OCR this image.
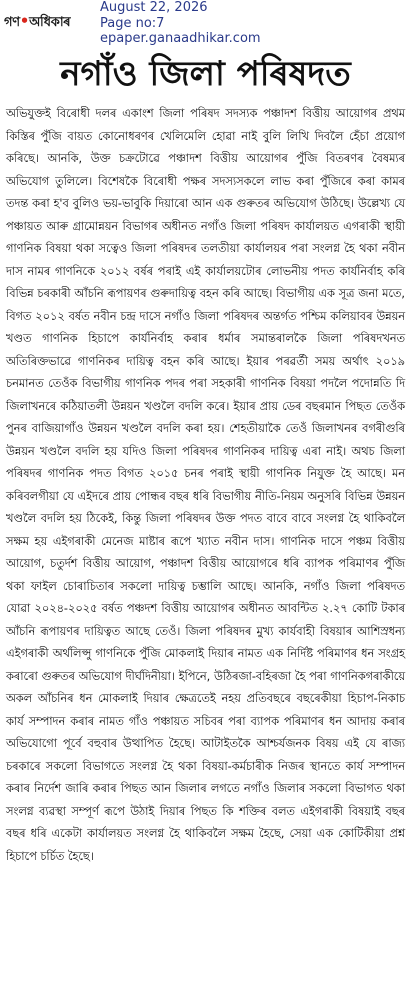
গণ•অধিকাৰ
August 22, 2026
Page no:7
epaper.ganaadhikar.com
নগাঁও জিলা পৰিষদত

অভিযুক্তই বিৰোধী দলৰ একাংশ জিলা পৰিষদ সদস্যক পঞ্চাদশ বিত্তীয় আয়োগৰ প্ৰথম কিস্তিৰ পুঁজি বায়ত কোনোধৰণৰ খেলিমেলি হোৱা নাই বুলি লিখি দিবলৈ হেঁচা প্ৰয়োগ কৰিছে। আনকি, উক্ত চক্ৰটোৱে পঞ্চাদশ বিত্তীয় আয়োগৰ পুঁজি বিতৰণৰ বৈষম্যৰ অভিযোগ তুলিলে। বিশেষকৈ বিৰোধী পক্ষৰ সদস্যসকলে লাভ কৰা পুঁজিৰে কৰা কামৰ তদন্ত কৰা হ'ব বুলিও ভয়-ভাবুকি দিয়াৰো আন এক গুৰুতৰ অভিযোগ উঠিছে। উল্লেখ্য যে পঞ্চায়ত আৰু গ্ৰামোন্নয়ন বিভাগৰ অধীনত নগাঁও জিলা পৰিষদ কাৰ্যালয়ত এগৰাকী স্থায়ী গাণনিক বিষয়া থকা সত্বেও জিলা পৰিষদৰ তলতীয়া কাৰ্যালয়ৰ পৰা সংলগ্ন হৈ থকা নবীন দাস নামৰ গাণনিকে ২০১২ বৰ্ষৰ পৰাই এই কাৰ্যালয়টোৰ লোভনীয় পদত কাৰ্যনিৰ্বাহ কৰি বিভিন্ন চৰকাৰী আঁচনি ৰূপায়ণৰ গুৰুদায়িত্ব বহন কৰি আছে। বিভাগীয় এক সূত্ৰ জনা মতে, বিগত ২০১২ বৰ্ষত নবীন চন্দ্ৰ দাসে নগাঁও জিলা পৰিষদৰ অন্তৰ্গত পশ্চিম কলিয়াবৰ উন্নয়ন খণ্ডত গাণনিক হিচাপে কাৰ্যনিৰ্বাহ কৰাৰ ধৰ্মাৰ সমান্তৰালকৈ জিলা পৰিষদখনত অতিৰিক্তভাৱে গাণনিকৰ দায়িত্ব বহন কৰি আছে। ইয়াৰ পৰৱৰ্তী সময় অৰ্থাৎ ২০১৯ চনমানত তেওঁক বিভাগীয় গাণনিক পদৰ পৰা সহকাৰী গাণনিক বিষয়া পদলৈ পদোন্নতি দি জিলাখনৰে কঠিয়াতলী উন্নয়ন খণ্ডলৈ বদলি কৰে। ইয়াৰ প্ৰায় ডেৰ বছৰমান পিছত তেওঁক পুনৰ বাজিয়াগাঁও উন্নয়ন খণ্ডলৈ বদলি কৰা হয়। শেহতীয়াকৈ তেওঁ জিলাখনৰ বগৰীগুৰি উন্নয়ন খণ্ডলৈ বদলি হয় যদিও জিলা পৰিষদৰ গাণনিকৰ দায়িত্ব এৰা নাই। অথচ জিলা পৰিষদৰ গাণনিক পদত বিগত ২০১৫ চনৰ পৰাই স্থায়ী গাণনিক নিযুক্ত হৈ আছে। মন কৰিবলগীয়া যে এইদৰে প্ৰায় পোন্ধৰ বছৰ ধৰি বিভাগীয় নীতি-নিয়ম অনুসৰি বিভিন্ন উন্নয়ন খণ্ডলৈ বদলি হয় ঠিকেই, কিন্তু জিলা পৰিষদৰ উক্ত পদত বাবে বাবে সংলগ্ন হৈ থাকিবলৈ সক্ষম হয় এইগৰাকী মেনেজ মাষ্টাৰ ৰূপে খ্যাত নবীন দাস। গাণনিক দাসে পঞ্চম বিত্তীয় আয়োগ, চতুৰ্দশ বিত্তীয় আয়োগ, পঞ্চাদশ বিত্তীয় আয়োগৰে ধৰি ব্যাপক পৰিমাণৰ পুঁজি থকা ফাইল চোৰাচিতাৰ সকলো দায়িত্ব চম্ভালি আছে। আনকি, নগাঁও জিলা পৰিষদত যোৱা ২০২৪-২০২৫ বৰ্ষত পঞ্চদশ বিত্তীয় আয়োগৰ অধীনত আবন্টিত ২.২৭ কোটি টকাৰ আঁচনি ৰূপায়ণৰ দায়িত্বত আছে তেওঁ। জিলা পৰিষদৰ মুখ্য কাৰ্যবাহী বিষয়াৰ আশিস্ৰধন্য এইগৰাকী অৰ্থলিপ্সু গাণনিকে পুঁজি মোকলাই দিয়াৰ নামত এক নিৰ্দিষ্ট পৰিমাণৰ ধন সংগ্ৰহ কৰাৰো গুৰুতৰ অভিযোগ দীৰ্ঘদিনীয়া। ইপিনে, উঠিৰজা-বহিৰজা হৈ পৰা গাণনিকগৰাকীয়ে অকল আঁচনিৰ ধন মোকলাই দিয়াৰ ক্ষেত্ৰতেই নহয় প্ৰতিবছৰে বছৰেকীয়া হিচাপ-নিকাচ কাৰ্য সম্পাদন কৰাৰ নামত গাঁও পঞ্চায়ত সচিবৰ পৰা ব্যাপক পৰিমাণৰ ধন আদায় কৰাৰ অভিযোগো পূৰ্বে বহুবাৰ উত্থাপিত হৈছে। আটাইতকৈ আশ্চৰ্যজনক বিষয় এই যে ৰাজ্য চৰকাৰে সকলো বিভাগতে সংলগ্ন হৈ থকা বিষয়া-কৰ্মচাৰীক নিজৰ স্থানতে কাৰ্য সম্পাদন কৰাৰ নিৰ্দেশ জাৰি কৰাৰ পিছত আন জিলাৰ লগতে নগাঁও জিলাৰ সকলো বিভাগত থকা সংলগ্ন ব্যৱস্থা সম্পূৰ্ণ ৰূপে উঠাই দিয়াৰ পিছত কি শক্তিৰ বলত এইগৰাকী বিষয়াই বছৰ বছৰ ধৰি একেটা কাৰ্যালয়ত সংলগ্ন হৈ থাকিবলৈ সক্ষম হৈছে, সেয়া এক কোটিকীয়া প্ৰশ্ন হিচাপে চৰ্চিত হৈছে।
